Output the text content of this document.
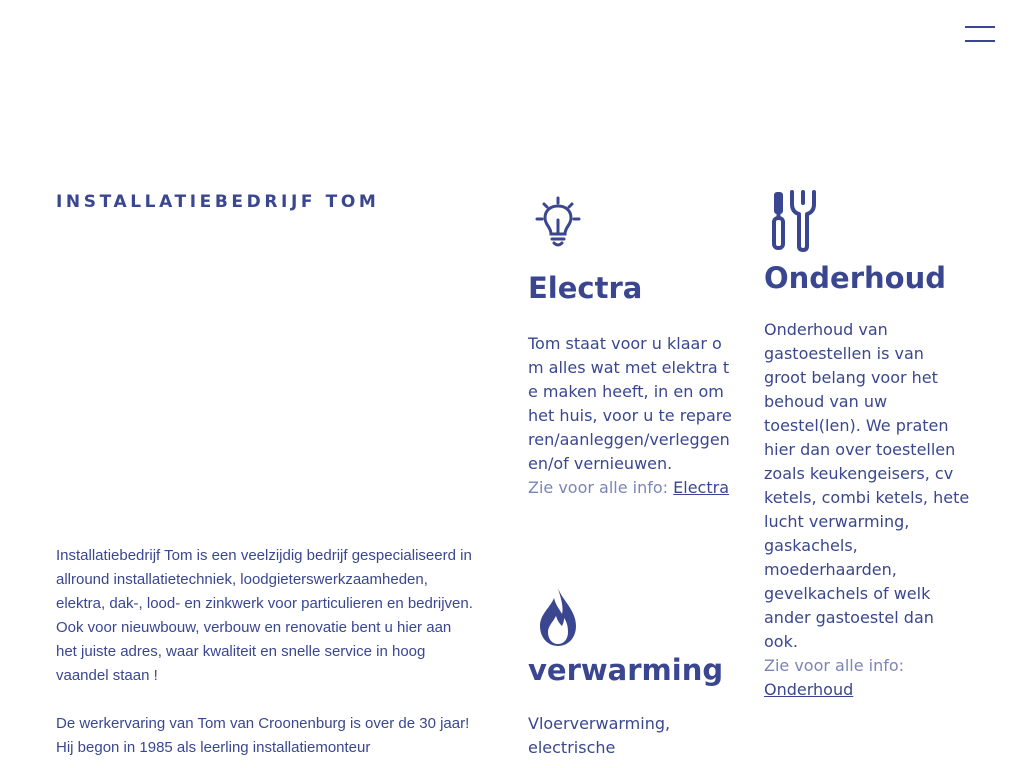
INSTALLATIEBEDRIJF TOM

Installatiebedrijf Tom is een veelzijdig bedrijf gespecialiseerd in allround installatietechniek, loodgieterswerkzaamheden, elektra, dak-, lood- en zinkwerk voor particulieren en bedrijven. Ook voor nieuwbouw, verbouw en renovatie bent u hier aan het juiste adres, waar kwaliteit en snelle service in hoog vaandel staan !

De werkervaring van Tom van Croonenburg is over de 30 jaar! Hij begon in 1985 als leerling installatiemonteur

Electra

Tom staat voor u klaar om alles wat met elektra te maken heeft, in en om het huis, voor u te repareren/aanleggen/verleggen en/of vernieuwen.

Zie voor alle info: Electra

Onderhoud

Onderhoud van gastoestellen is van groot belang voor het behoud van uw toestel(len). We praten hier dan over toestellen zoals keukengeisers, cv ketels, combi ketels, hete lucht verwarming, gaskachels, moederhaarden, gevelkachels of welk ander gastoestel dan ook.

Zie voor alle info:
Onderhoud

verwarming

Vloerverwarming, electrische
